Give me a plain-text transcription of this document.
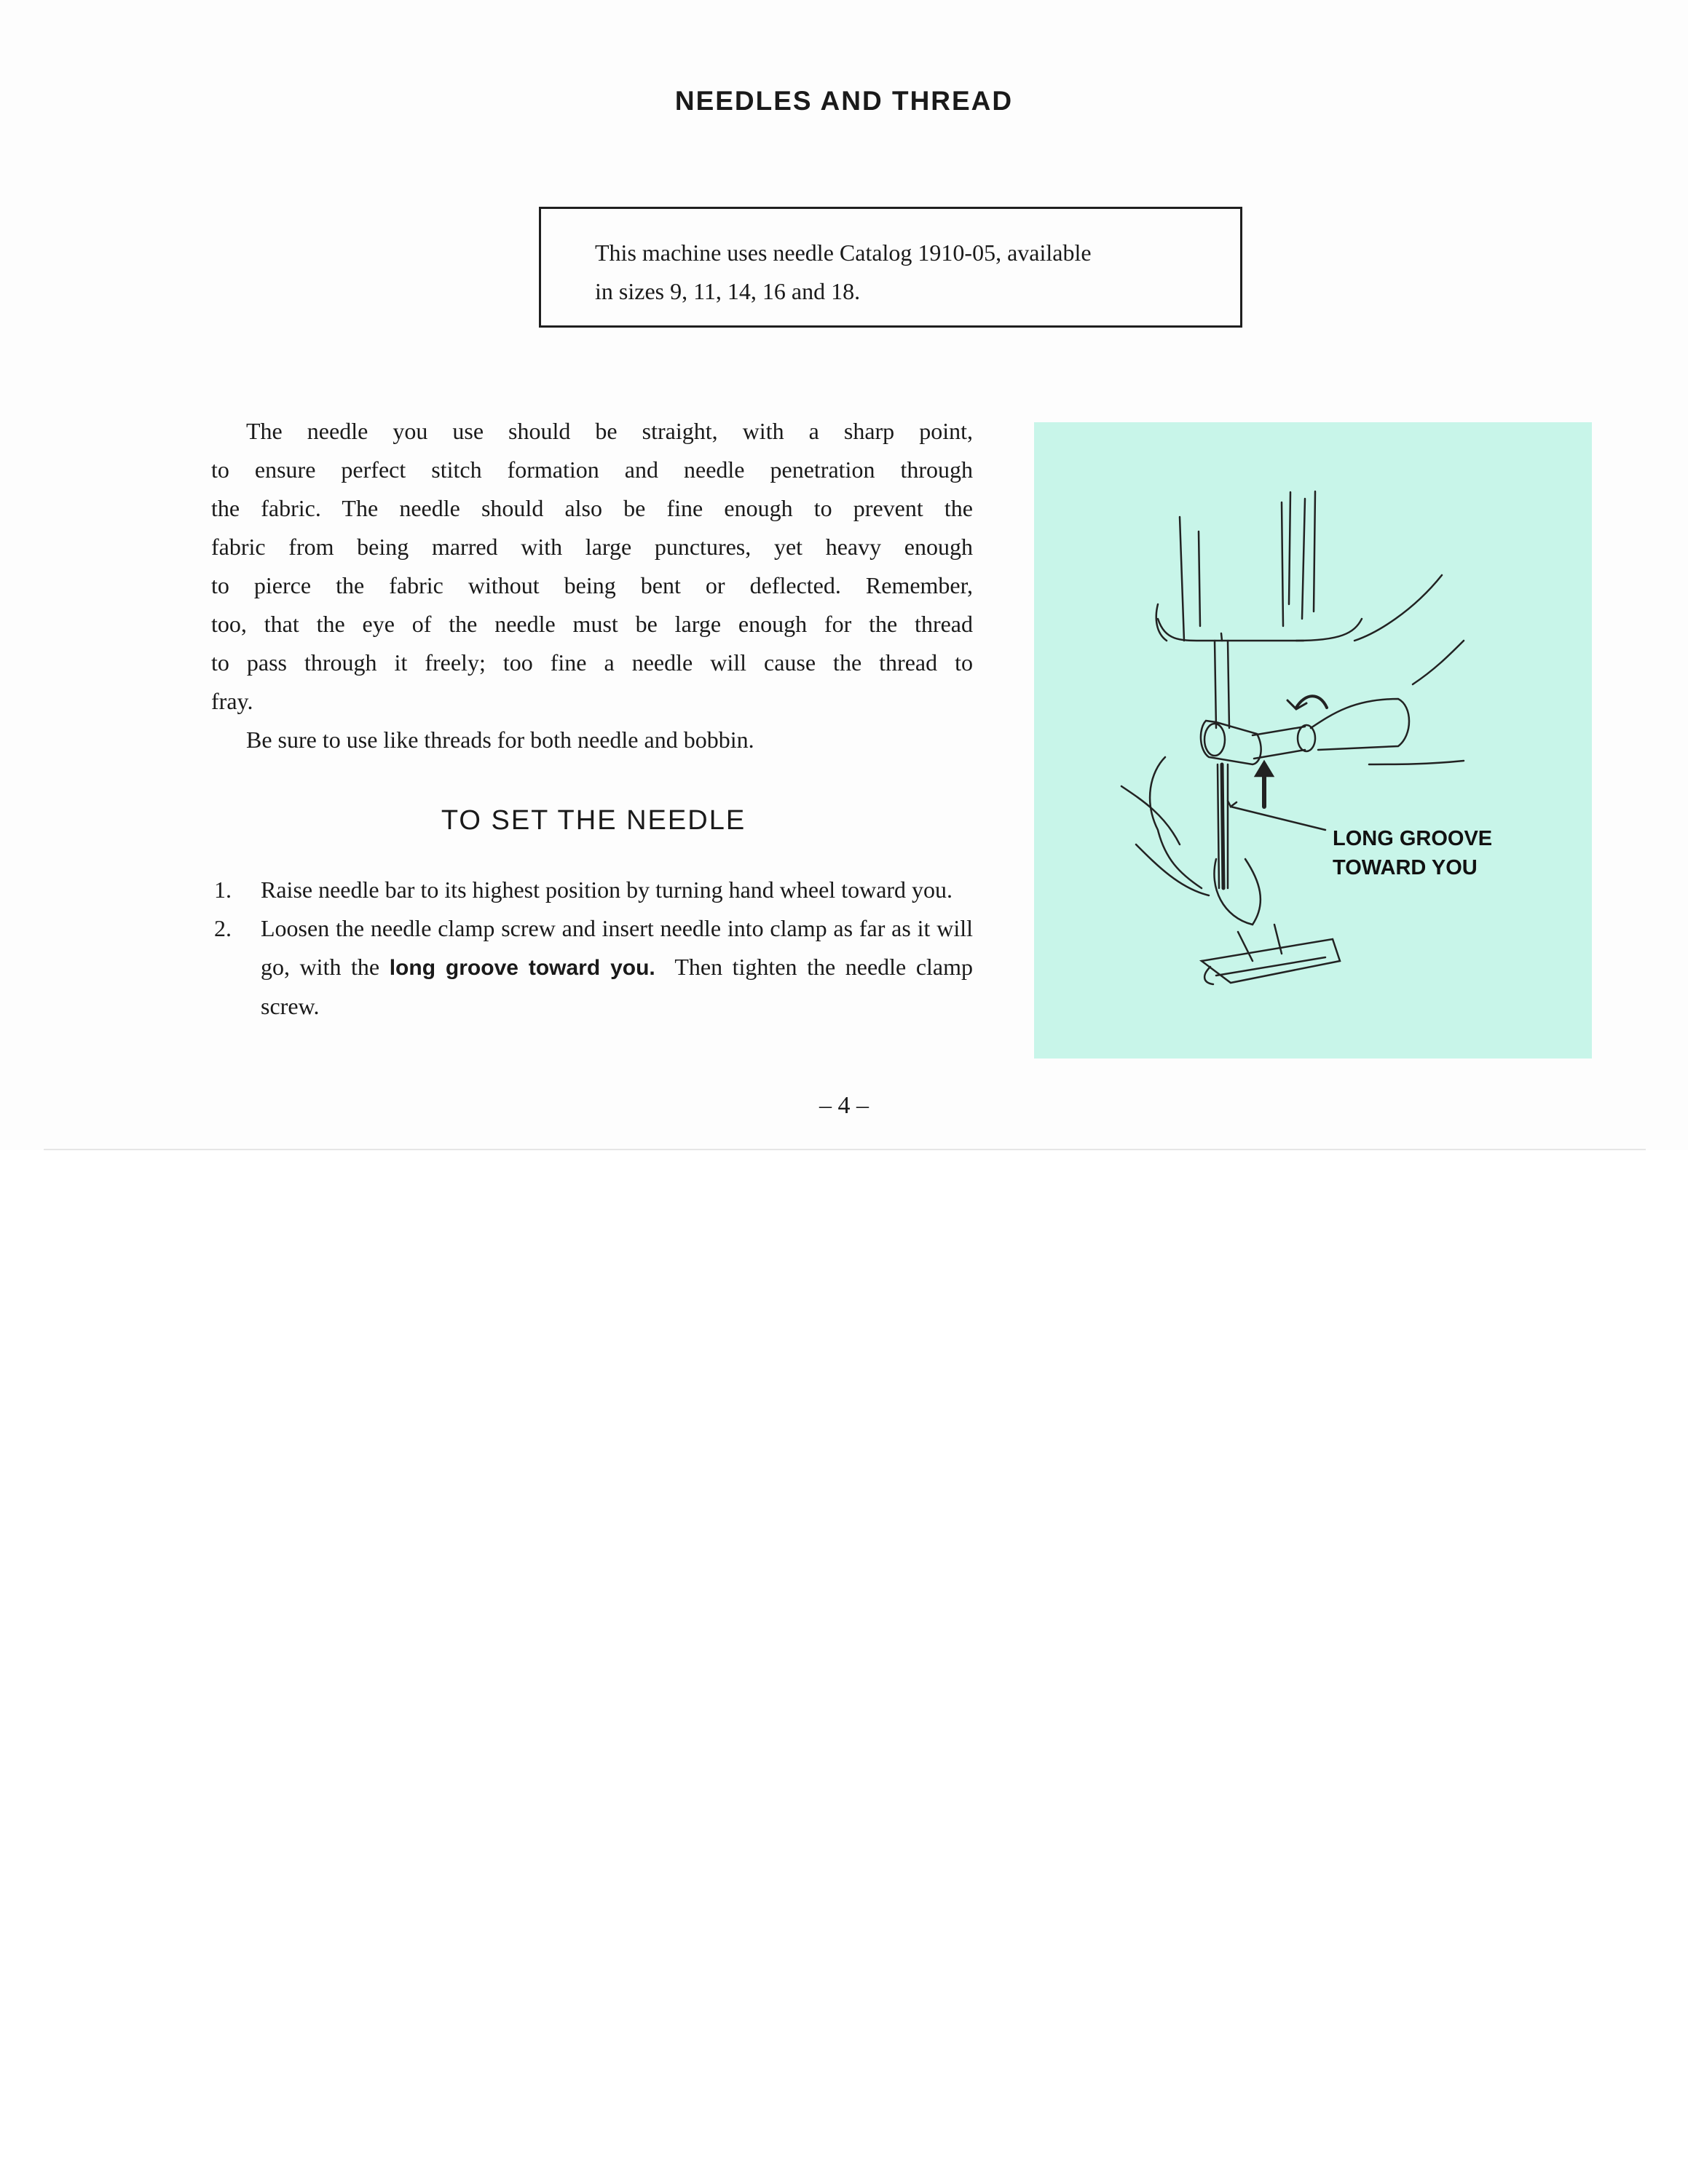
NEEDLES AND THREAD
This machine uses needle Catalog 1910-05, available
in sizes 9, 11, 14, 16 and 18.

The needle you use should be straight, with a sharp point,

to ensure perfect stitch formation and needle penetration through

the fabric. The needle should also be fine enough to prevent the

fabric from being marred with large punctures, yet heavy enough

to pierce the fabric without being bent or deflected. Remember,

too, that the eye of the needle must be large enough for the thread

to pass through it freely; too fine a needle will cause the thread to

fray.

Be sure to use like threads for both needle and bobbin.

TO SET THE NEEDLE
1. Raise needle bar to its highest position by turning hand wheel toward you.
2. Loosen the needle clamp screw and insert needle into clamp as far as it will go, with the long groove toward you. Then tighten the needle clamp screw.
LONG GROOVE
TOWARD YOU
– 4 –
